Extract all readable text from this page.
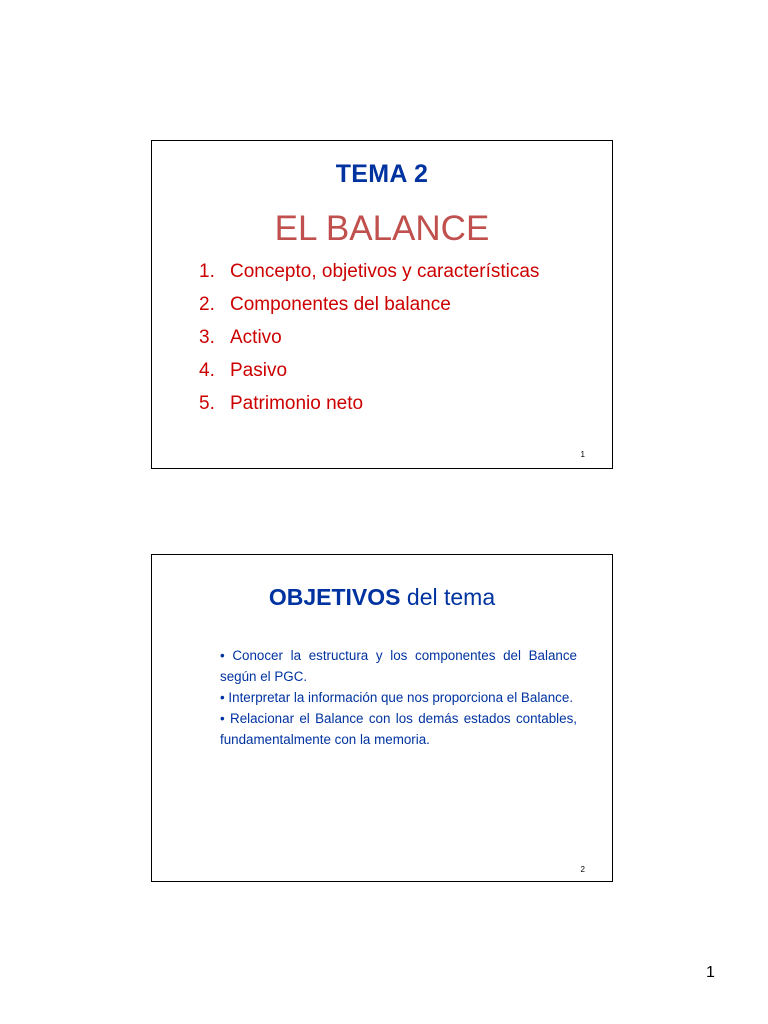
TEMA 2
EL BALANCE
1. Concepto, objetivos y características
2. Componentes del balance
3. Activo
4. Pasivo
5. Patrimonio neto
1
OBJETIVOS del tema
• Conocer la estructura y los componentes del Balance según el PGC.
• Interpretar la información que nos proporciona el Balance.
• Relacionar el Balance con los demás estados contables, fundamentalmente con la memoria.
2
1
